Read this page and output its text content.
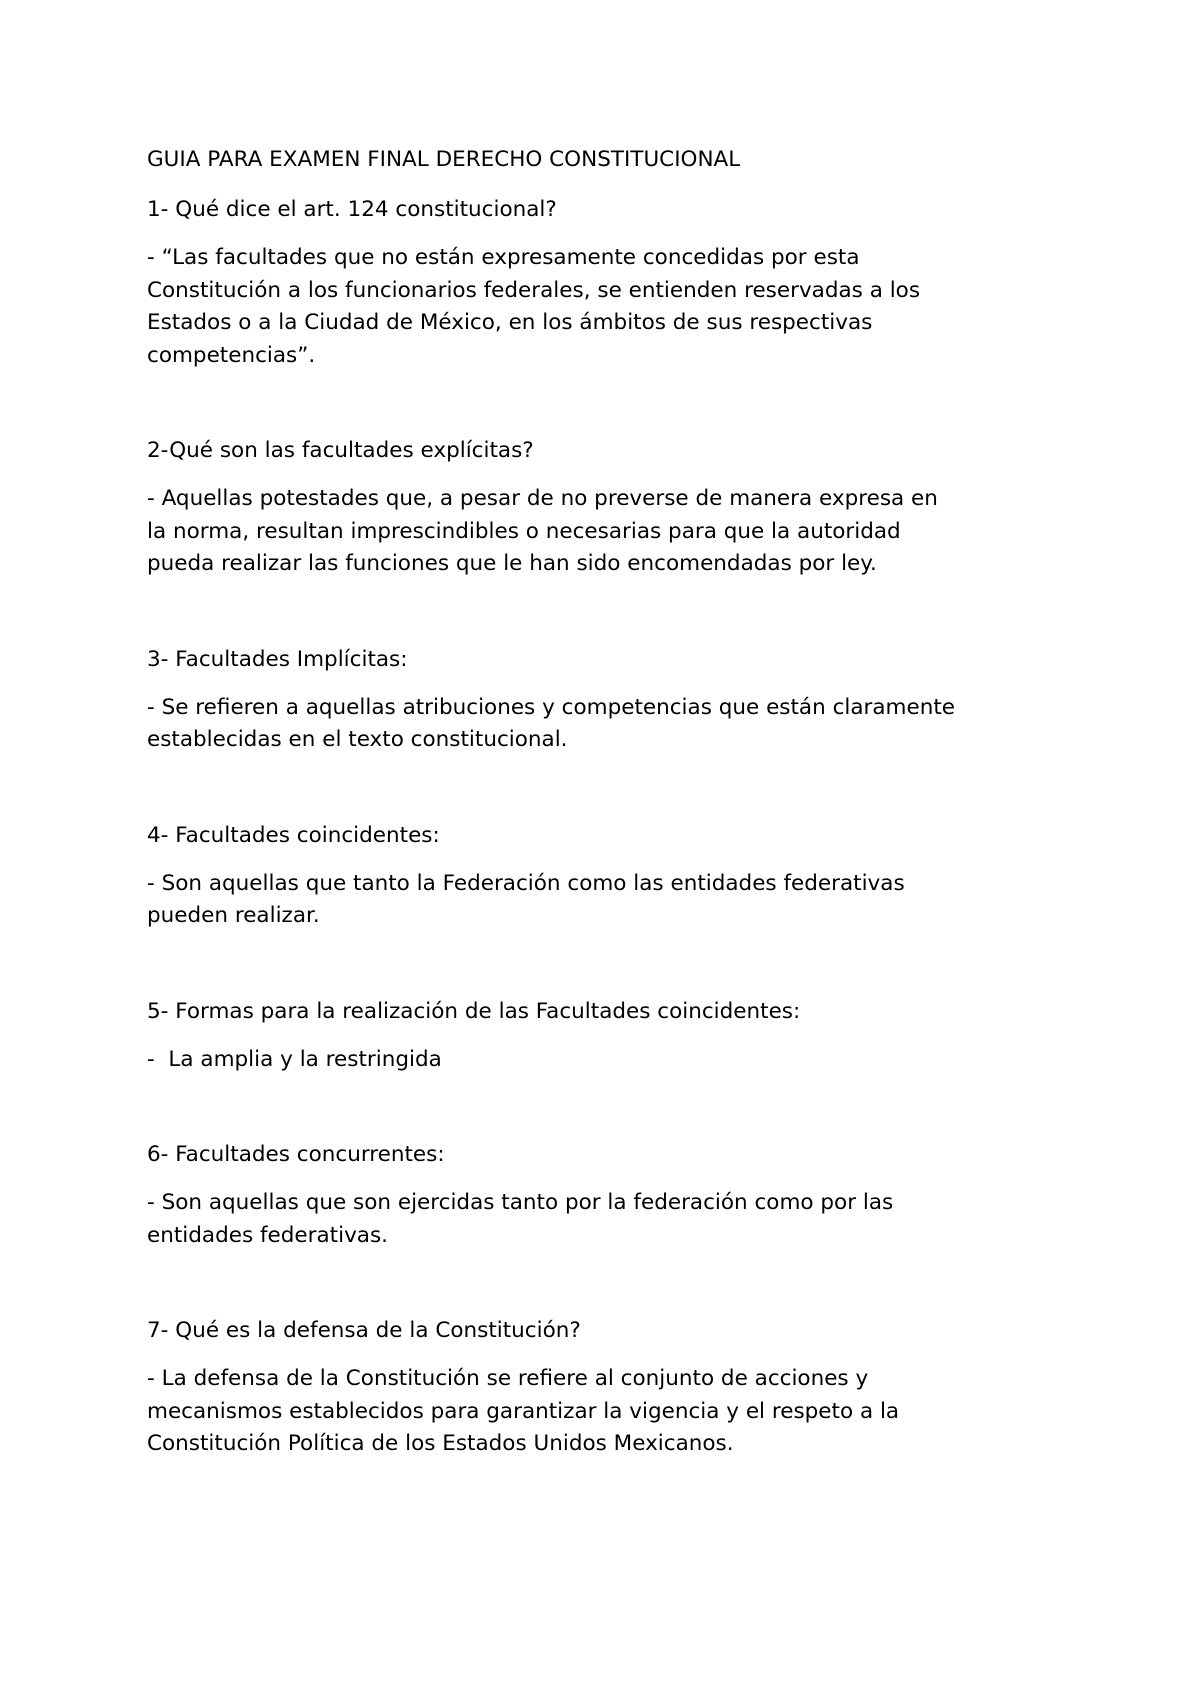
GUIA PARA EXAMEN FINAL DERECHO CONSTITUCIONAL
1- Qué dice el art. 124 constitucional?
- “Las facultades que no están expresamente concedidas por esta
Constitución a los funcionarios federales, se entienden reservadas a los
Estados o a la Ciudad de México, en los ámbitos de sus respectivas
competencias”.
2-Qué son las facultades explícitas?
- Aquellas potestades que, a pesar de no preverse de manera expresa en
la norma, resultan imprescindibles o necesarias para que la autoridad
pueda realizar las funciones que le han sido encomendadas por ley.
3- Facultades Implícitas:
- Se refieren a aquellas atribuciones y competencias que están claramente
establecidas en el texto constitucional.
4- Facultades coincidentes:
- Son aquellas que tanto la Federación como las entidades federativas
pueden realizar.
5- Formas para la realización de las Facultades coincidentes:
-  La amplia y la restringida
6- Facultades concurrentes:
- Son aquellas que son ejercidas tanto por la federación como por las
entidades federativas.
7- Qué es la defensa de la Constitución?
- La defensa de la Constitución se refiere al conjunto de acciones y
mecanismos establecidos para garantizar la vigencia y el respeto a la
Constitución Política de los Estados Unidos Mexicanos.
